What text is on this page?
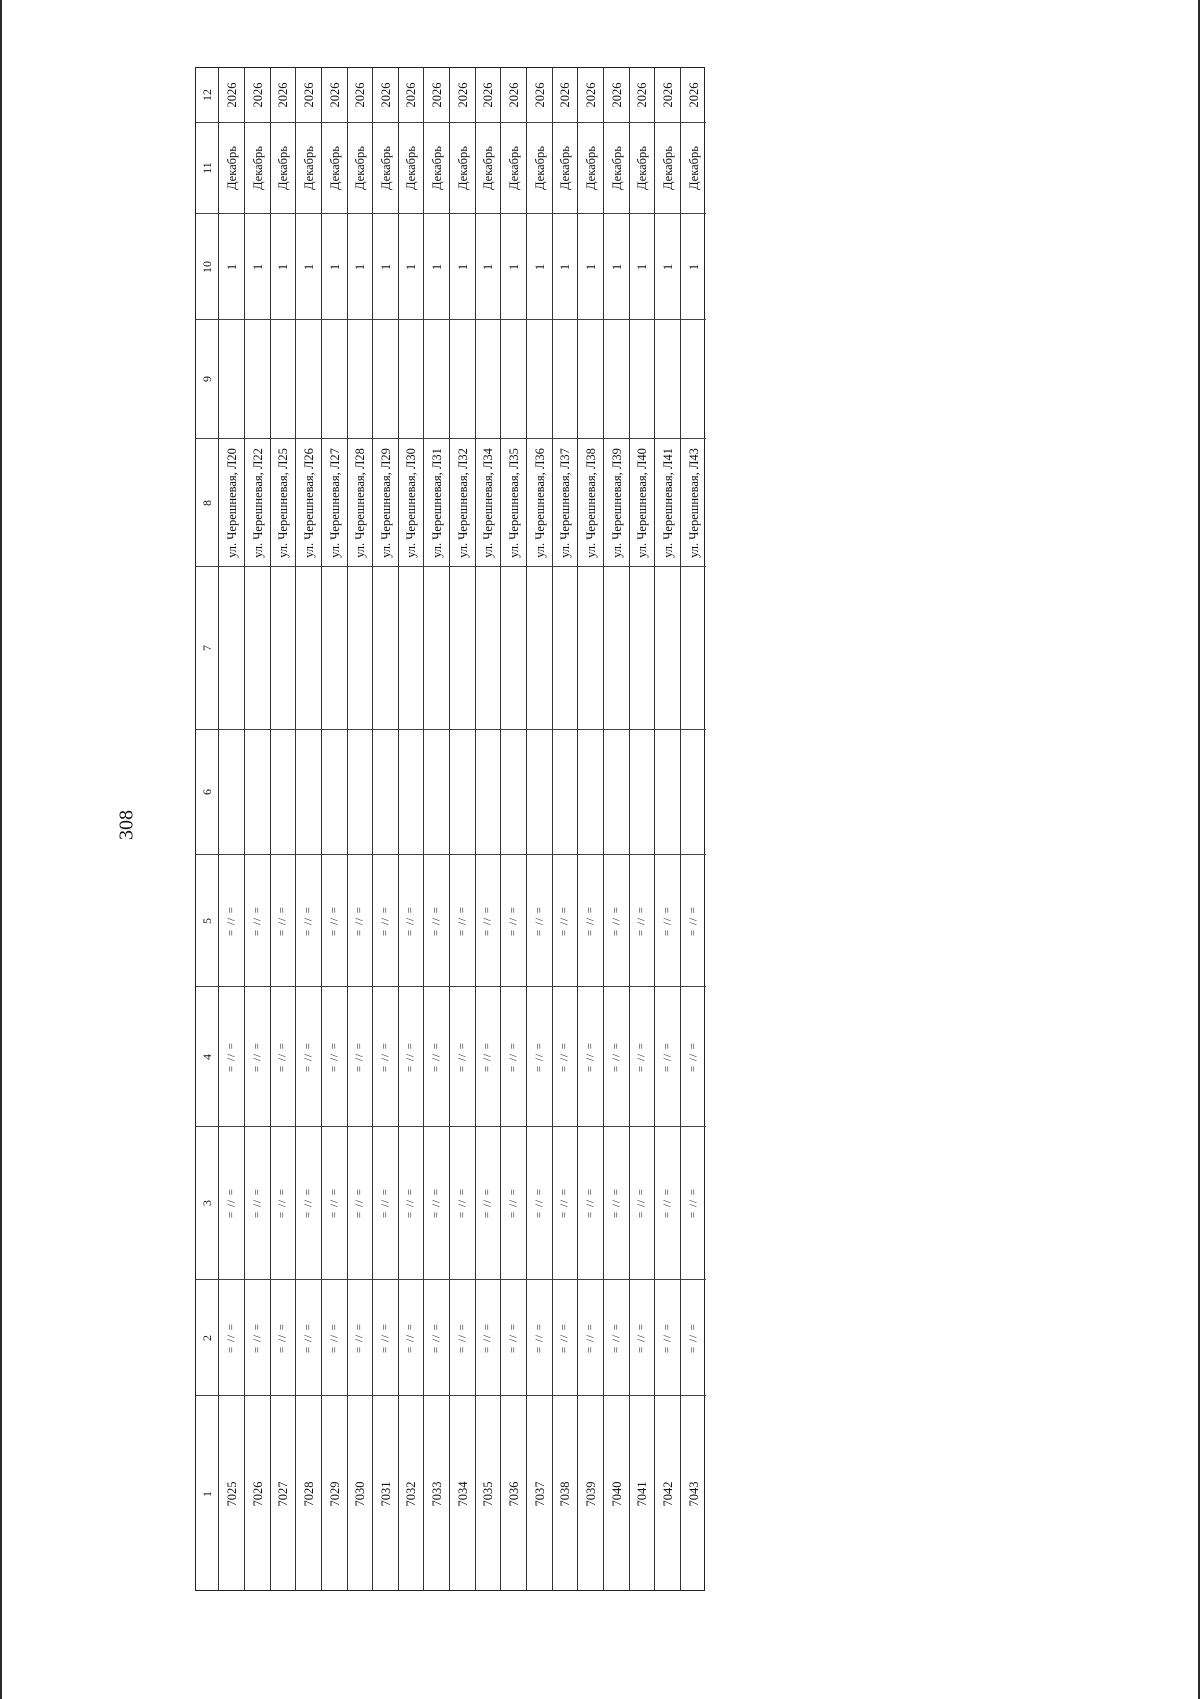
308
12
11
10
9
8
7
6
5
4
3
2
1
2026
Декабрь
1
ул. Черешневая, Л20
= // =
= // =
= // =
= // =
7025
2026
Декабрь
1
ул. Черешневая, Л22
= // =
= // =
= // =
= // =
7026
2026
Декабрь
1
ул. Черешневая, Л25
= // =
= // =
= // =
= // =
7027
2026
Декабрь
1
ул. Черешневая, Л26
= // =
= // =
= // =
= // =
7028
2026
Декабрь
1
ул. Черешневая, Л27
= // =
= // =
= // =
= // =
7029
2026
Декабрь
1
ул. Черешневая, Л28
= // =
= // =
= // =
= // =
7030
2026
Декабрь
1
ул. Черешневая, Л29
= // =
= // =
= // =
= // =
7031
2026
Декабрь
1
ул. Черешневая, Л30
= // =
= // =
= // =
= // =
7032
2026
Декабрь
1
ул. Черешневая, Л31
= // =
= // =
= // =
= // =
7033
2026
Декабрь
1
ул. Черешневая, Л32
= // =
= // =
= // =
= // =
7034
2026
Декабрь
1
ул. Черешневая, Л34
= // =
= // =
= // =
= // =
7035
2026
Декабрь
1
ул. Черешневая, Л35
= // =
= // =
= // =
= // =
7036
2026
Декабрь
1
ул. Черешневая, Л36
= // =
= // =
= // =
= // =
7037
2026
Декабрь
1
ул. Черешневая, Л37
= // =
= // =
= // =
= // =
7038
2026
Декабрь
1
ул. Черешневая, Л38
= // =
= // =
= // =
= // =
7039
2026
Декабрь
1
ул. Черешневая, Л39
= // =
= // =
= // =
= // =
7040
2026
Декабрь
1
ул. Черешневая, Л40
= // =
= // =
= // =
= // =
7041
2026
Декабрь
1
ул. Черешневая, Л41
= // =
= // =
= // =
= // =
7042
2026
Декабрь
1
ул. Черешневая, Л43
= // =
= // =
= // =
= // =
7043
